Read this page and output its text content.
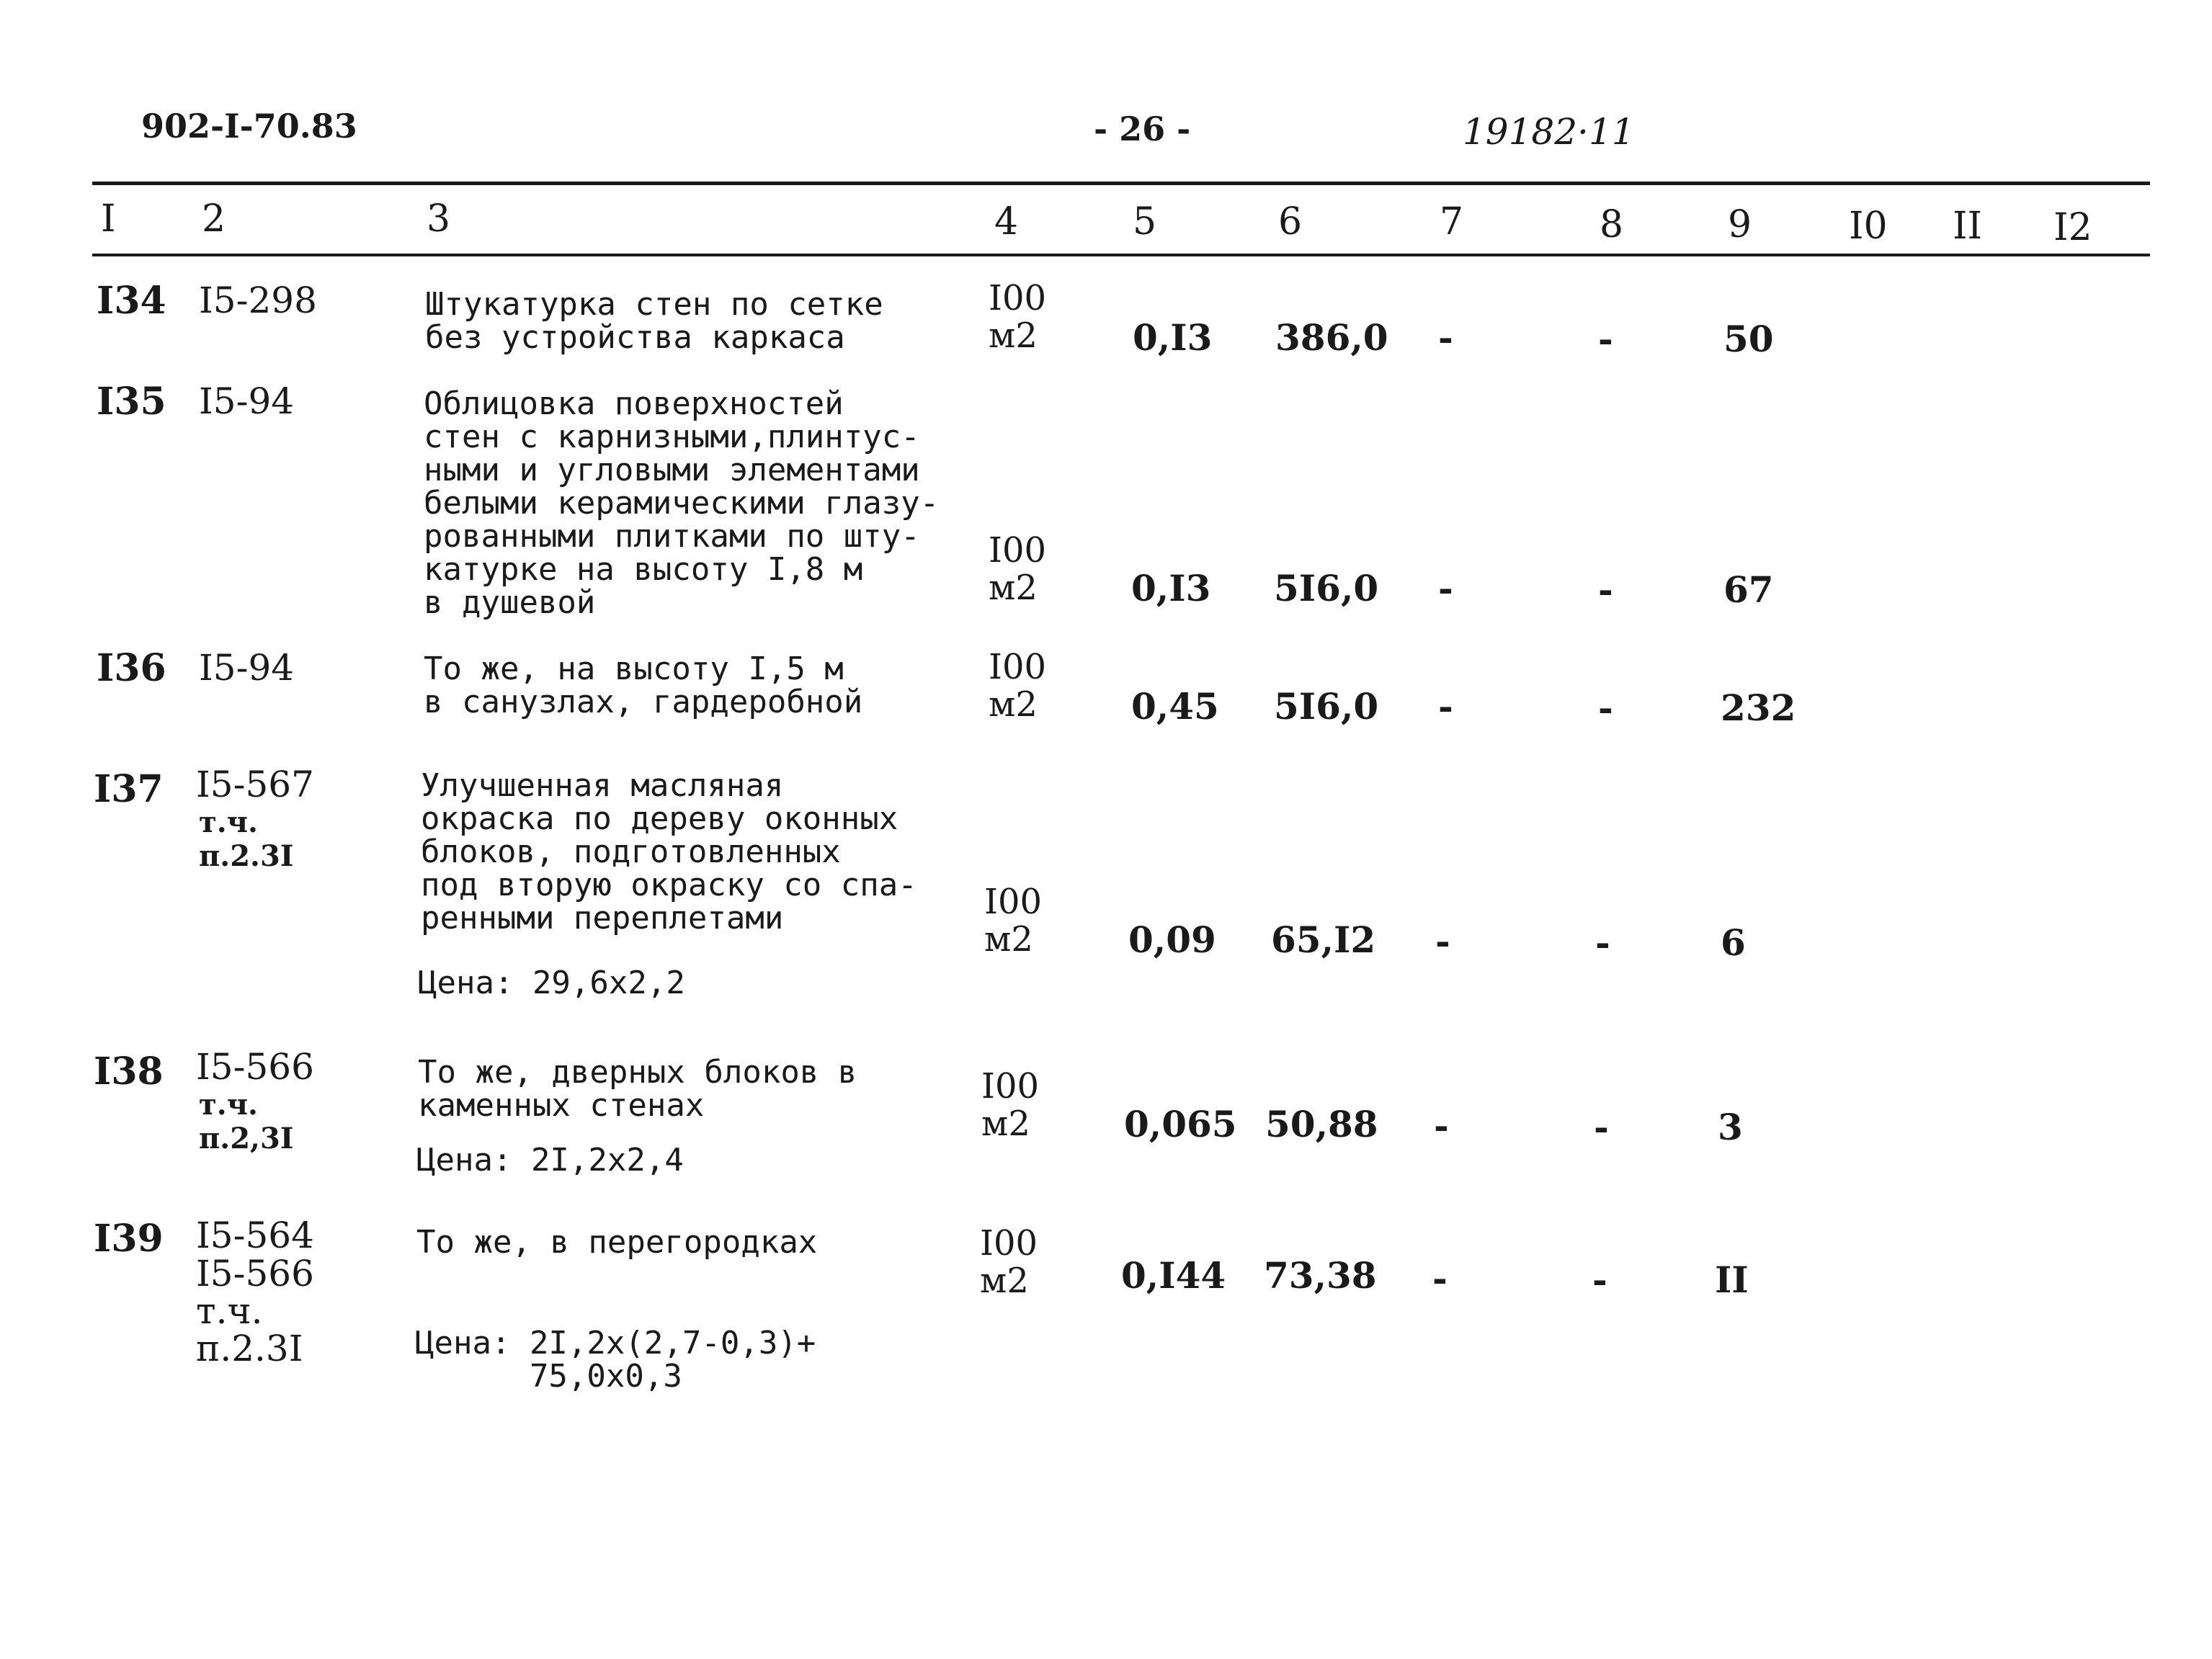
902-I-70.83	- 26 -	19182·11
I 2	3	4	5	6	7	8	9	I0 II I2
I34 I5-298	Штукатурка стен по сетке
без устройства каркаса
I00
м2	0,I3 386,0 -	-	50
I35 I5-94	Облицовка поверхностей
стен с карнизными,плинтус-
ными и угловыми элементами
белыми керамическими глазу-
рованными плитками по шту-
катурке на высоту I,8 м
в душевой
I00
м2	0,I3 5I6,0 -	-	67
I36 I5-94	То же, на высоту I,5 м
в санузлах, гардеробной
I00
м2	0,45 5I6,0 -	-	232
I37 I5-567
т.ч.
п.2.3I
Улучшенная масляная
окраска по дереву оконных
блоков, подготовленных
под вторую окраску со спа-
ренными переплетами
Цена: 29,6х2,2
I00
м2	0,09 65,I2 -	-	6
I38 I5-566
т.ч.
п.2,3I
То же, дверных блоков в
каменных стенах
Цена: 2I,2х2,4
I00
м2	0,065 50,88 -	-	3
I39 I5-564
I5-566
т.ч.
п.2.3I
То же, в перегородках
Цена: 2I,2х(2,7-0,3)+
75,0х0,3
I00
м2	0,I44 73,38 -	-	II
